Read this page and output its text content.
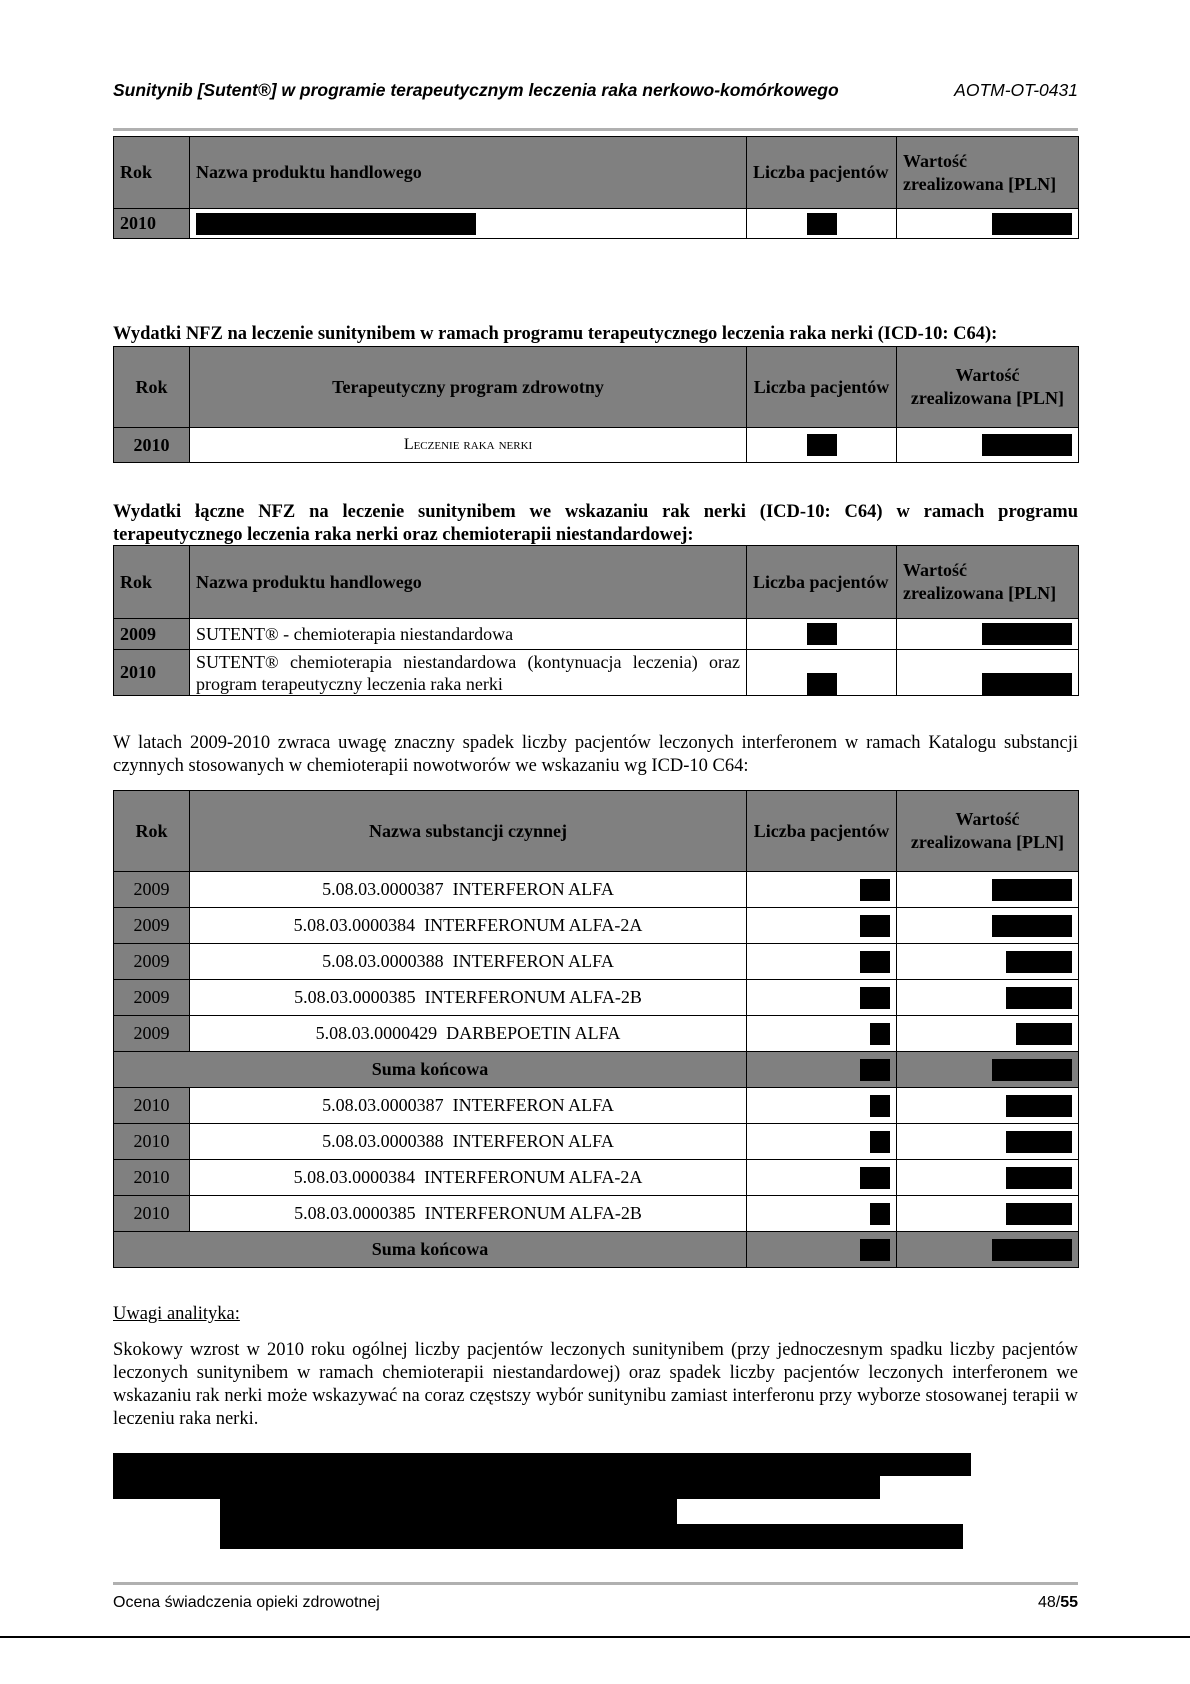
Sunitynib [Sutent®] w programie terapeutycznym leczenia raka nerkowo-komórkowego	AOTM-OT-0431
Rok	Nazwa produktu handlowego	Liczba pacjentów	Wartość zrealizowana [PLN]
2010			
Wydatki NFZ na leczenie sunitynibem w ramach programu terapeutycznego leczenia raka nerki (ICD-10: C64):
Rok	Terapeutyczny program zdrowotny	Liczba pacjentów	Wartość zrealizowana [PLN]
2010	Leczenie raka nerki		
Wydatki łączne NFZ na leczenie sunitynibem we wskazaniu rak nerki (ICD-10: C64) w ramach programu terapeutycznego leczenia raka nerki oraz chemioterapii niestandardowej:
Rok	Nazwa produktu handlowego	Liczba pacjentów	Wartość zrealizowana [PLN]
2009	SUTENT® - chemioterapia niestandardowa		
2010	SUTENT® chemioterapia niestandardowa (kontynuacja leczenia) oraz program terapeutyczny leczenia raka nerki		
W latach 2009-2010 zwraca uwagę znaczny spadek liczby pacjentów leczonych interferonem w ramach Katalogu substancji czynnych stosowanych w chemioterapii nowotworów we wskazaniu wg ICD-10 C64:
Rok	Nazwa substancji czynnej	Liczba pacjentów	Wartość zrealizowana [PLN]
2009	5.08.03.0000387  INTERFERON ALFA		
2009	5.08.03.0000384  INTERFERONUM ALFA-2A		
2009	5.08.03.0000388  INTERFERON ALFA		
2009	5.08.03.0000385  INTERFERONUM ALFA-2B		
2009	5.08.03.0000429  DARBEPOETIN ALFA		
Suma końcowa			
2010	5.08.03.0000387  INTERFERON ALFA		
2010	5.08.03.0000388  INTERFERON ALFA		
2010	5.08.03.0000384  INTERFERONUM ALFA-2A		
2010	5.08.03.0000385  INTERFERONUM ALFA-2B		
Suma końcowa			
Uwagi analityka:
Skokowy wzrost w 2010 roku ogólnej liczby pacjentów leczonych sunitynibem (przy jednoczesnym spadku liczby pacjentów leczonych sunitynibem w ramach chemioterapii niestandardowej) oraz spadek liczby pacjentów leczonych interferonem we wskazaniu rak nerki może wskazywać na coraz częstszy wybór sunitynibu zamiast interferonu przy wyborze stosowanej terapii w leczeniu raka nerki.
Ocena świadczenia opieki zdrowotnej	48/55
